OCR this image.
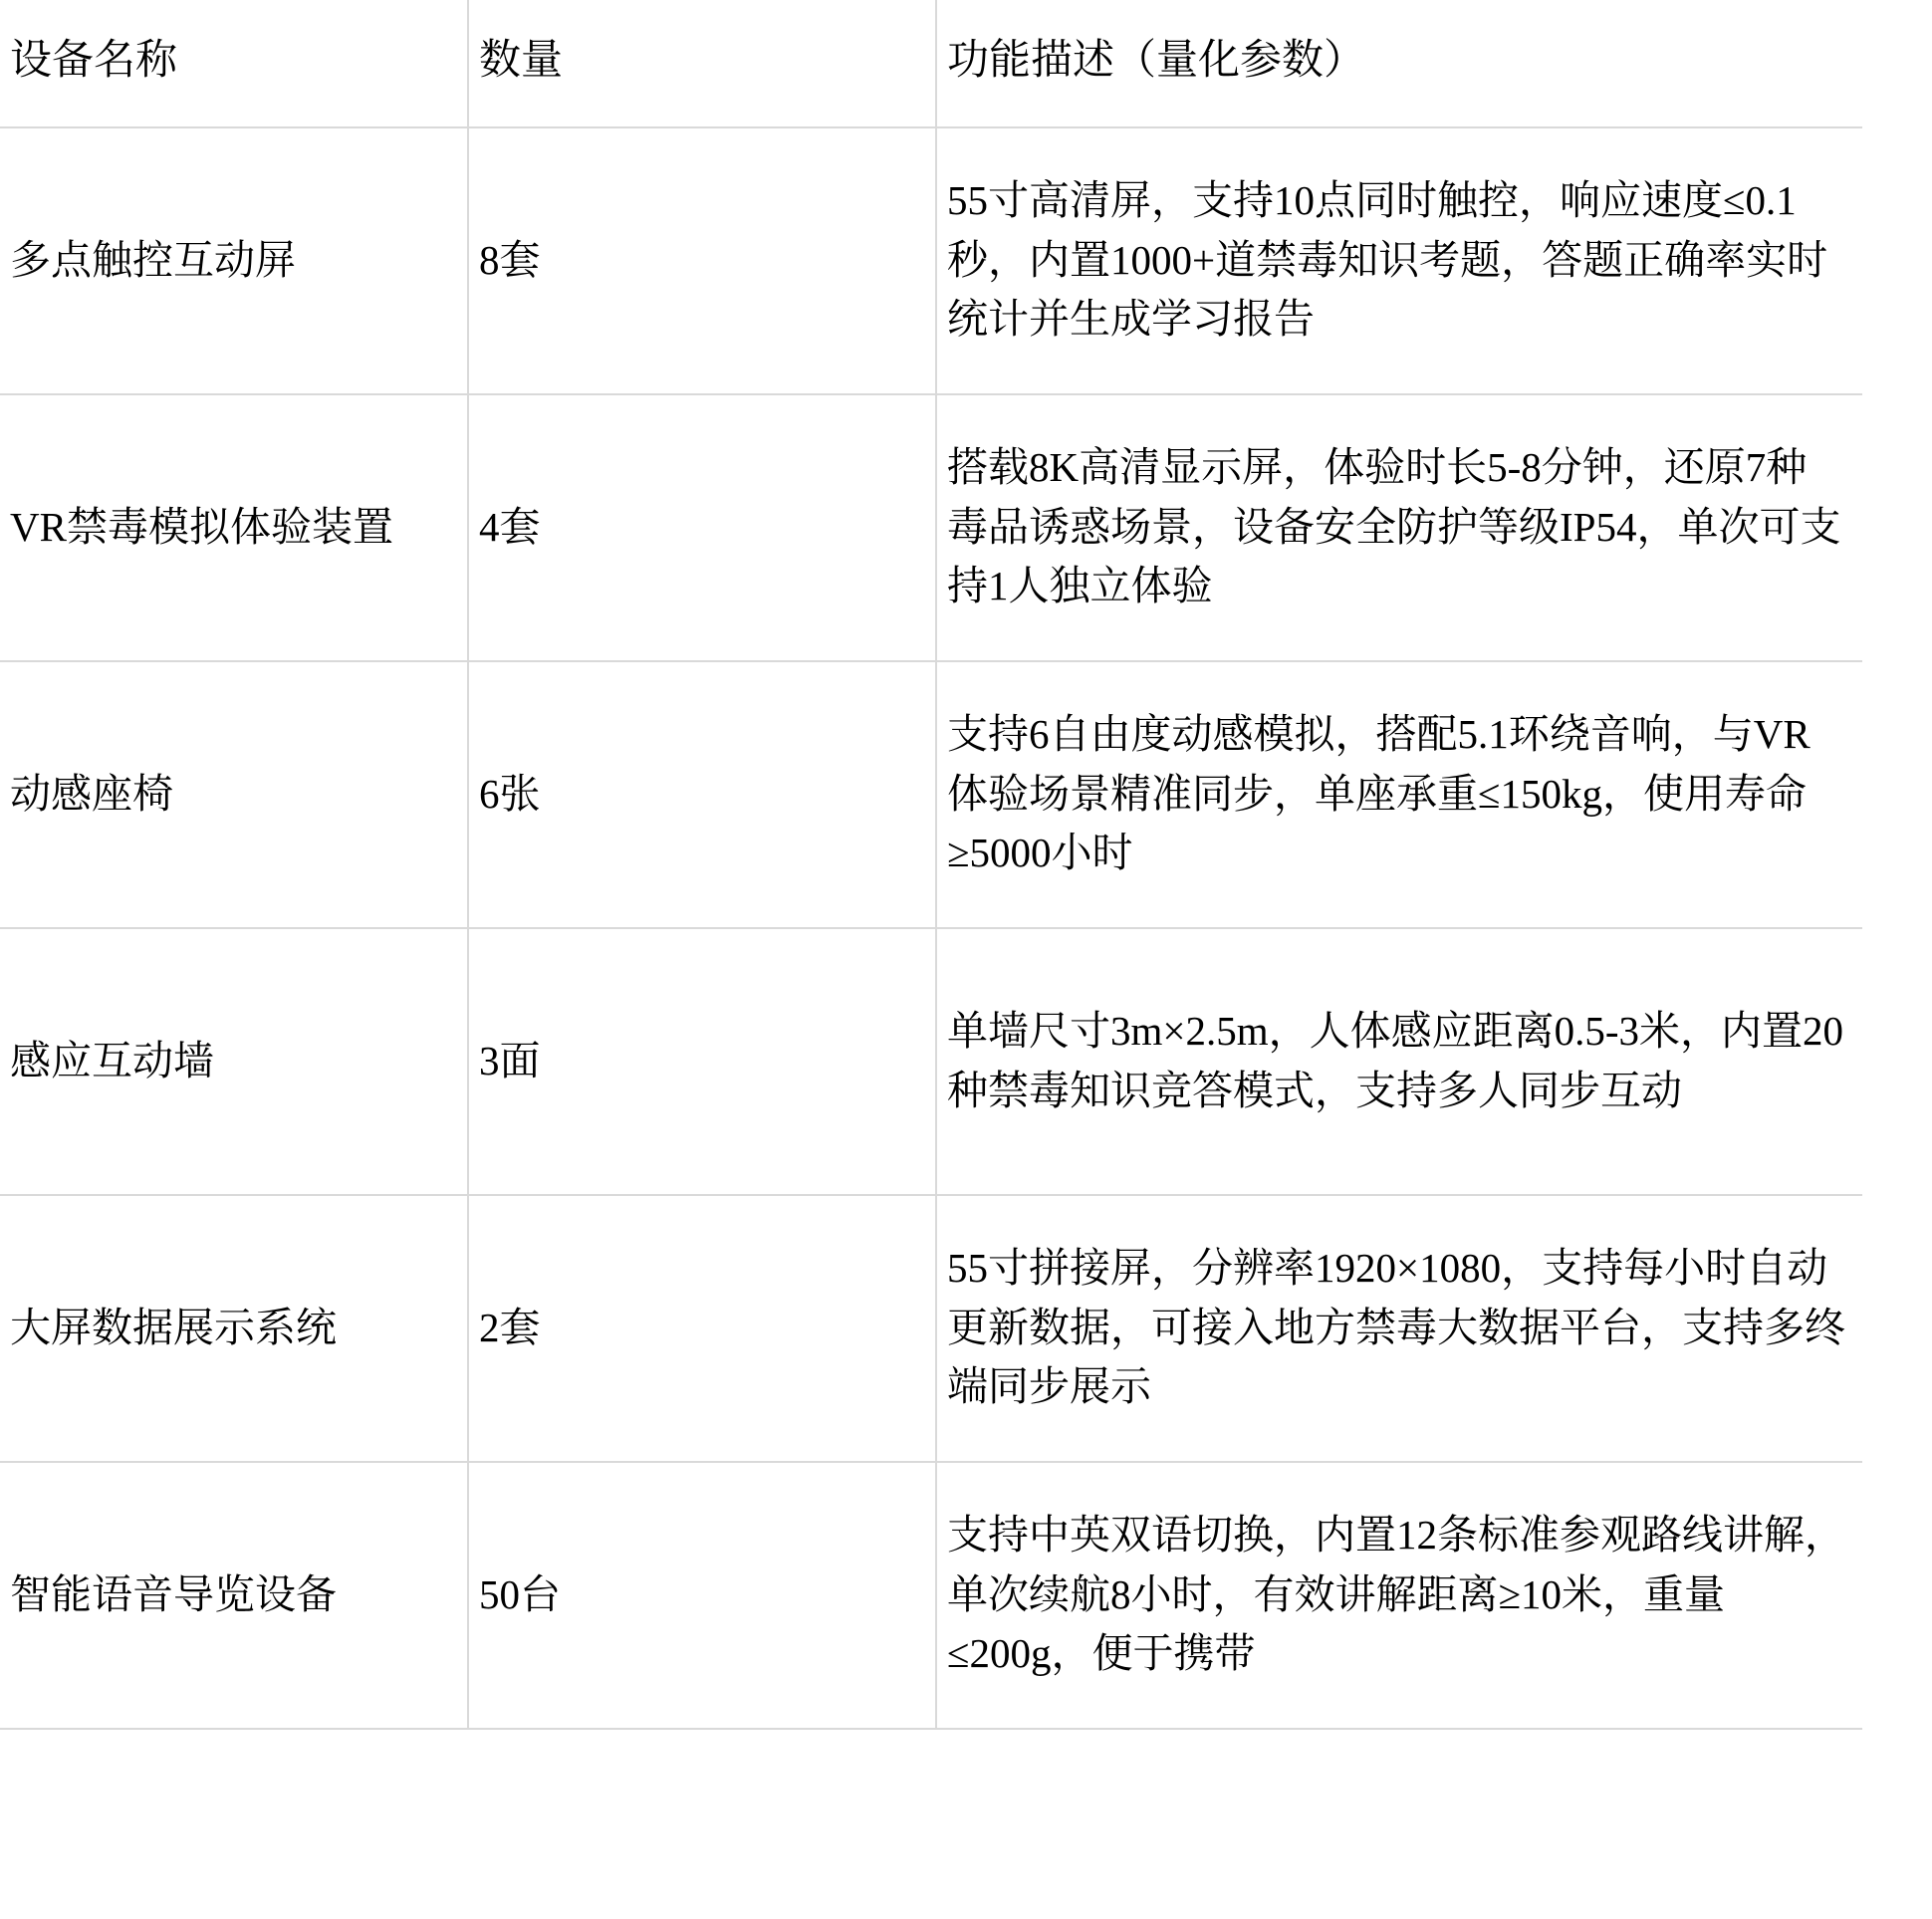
设备名称	数量	功能描述（量化参数）
多点触控互动屏	8套	55寸高清屏，支持10点同时触控，响应速度≤0.1秒，内置1000+道禁毒知识考题，答题正确率实时统计并生成学习报告
VR禁毒模拟体验装置	4套	搭载8K高清显示屏，体验时长5-8分钟，还原7种毒品诱惑场景，设备安全防护等级IP54，单次可支持1人独立体验
动感座椅	6张	支持6自由度动感模拟，搭配5.1环绕音响，与VR体验场景精准同步，单座承重≤150kg，使用寿命≥5000小时
感应互动墙	3面	单墙尺寸3m×2.5m，人体感应距离0.5-3米，内置20种禁毒知识竞答模式，支持多人同步互动
大屏数据展示系统	2套	55寸拼接屏，分辨率1920×1080，支持每小时自动更新数据，可接入地方禁毒大数据平台，支持多终端同步展示
智能语音导览设备	50台	支持中英双语切换，内置12条标准参观路线讲解，单次续航8小时，有效讲解距离≥10米，重量≤200g，便于携带
